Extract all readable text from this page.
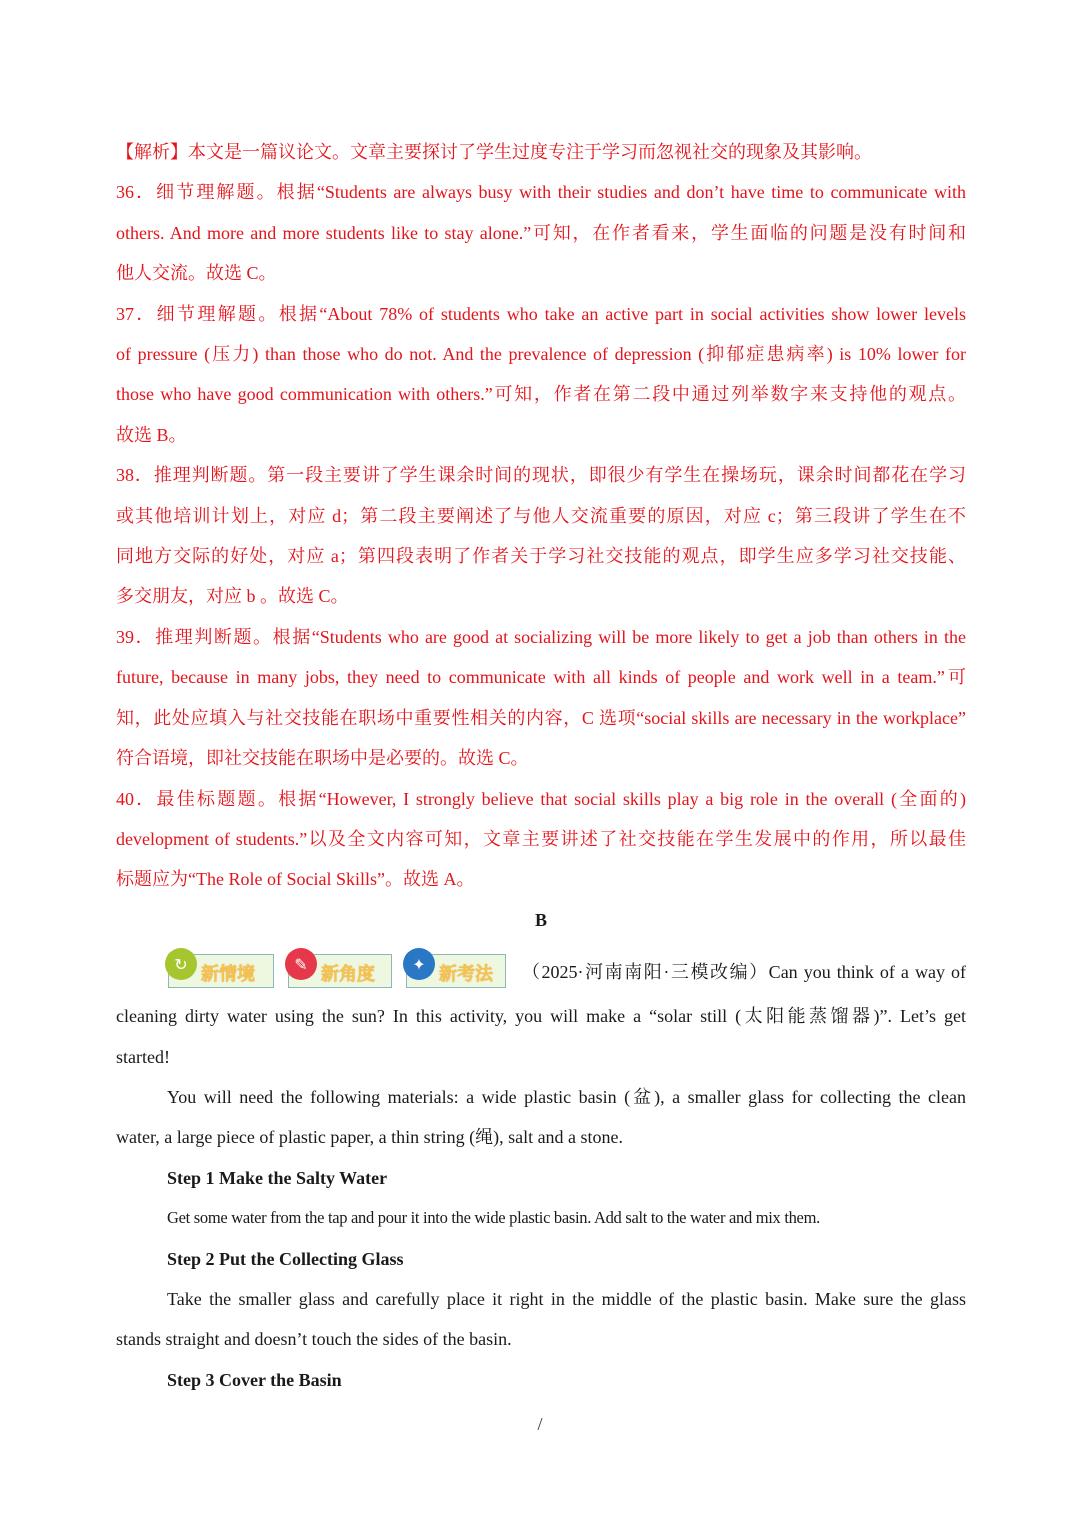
【解析】本文是一篇议论文。文章主要探讨了学生过度专注于学习而忽视社交的现象及其影响。
36．细节理解题。根据“Students are always busy with their studies and don’t have time to communicate with
others. And more and more students like to stay alone.”可知，在作者看来，学生面临的问题是没有时间和
他人交流。故选 C。
37．细节理解题。根据“About 78% of students who take an active part in social activities show lower levels
of pressure (压力) than those who do not. And the prevalence of depression (抑郁症患病率) is 10% lower for
those who have good communication with others.”可知，作者在第二段中通过列举数字来支持他的观点。
故选 B。
38．推理判断题。第一段主要讲了学生课余时间的现状，即很少有学生在操场玩，课余时间都花在学习
或其他培训计划上，对应 d；第二段主要阐述了与他人交流重要的原因，对应 c；第三段讲了学生在不
同地方交际的好处，对应 a；第四段表明了作者关于学习社交技能的观点，即学生应多学习社交技能、
多交朋友，对应 b 。故选 C。
39．推理判断题。根据“Students who are good at socializing will be more likely to get a job than others in the
future, because in many jobs, they need to communicate with all kinds of people and work well in a team.”可
知，此处应填入与社交技能在职场中重要性相关的内容，C 选项“social skills are necessary in the workplace”
符合语境，即社交技能在职场中是必要的。故选 C。
40．最佳标题题。根据“However, I strongly believe that social skills play a big role in the overall (全面的)
development of students.”以及全文内容可知，文章主要讲述了社交技能在学生发展中的作用，所以最佳
标题应为“The Role of Social Skills”。故选 A。
B
↻ 新情境	✎ 新角度	✦ 新考法	（2025·河南南阳·三模改编）Can you think of a way of
cleaning dirty water using the sun? In this activity, you will make a “solar still (太阳能蒸馏器)”. Let’s get
started!
You will need the following materials: a wide plastic basin (盆), a smaller glass for collecting the clean
water, a large piece of plastic paper, a thin string (绳), salt and a stone.
Step 1 Make the Salty Water
Get some water from the tap and pour it into the wide plastic basin. Add salt to the water and mix them.
Step 2 Put the Collecting Glass
Take the smaller glass and carefully place it right in the middle of the plastic basin. Make sure the glass
stands straight and doesn’t touch the sides of the basin.
Step 3 Cover the Basin
/
